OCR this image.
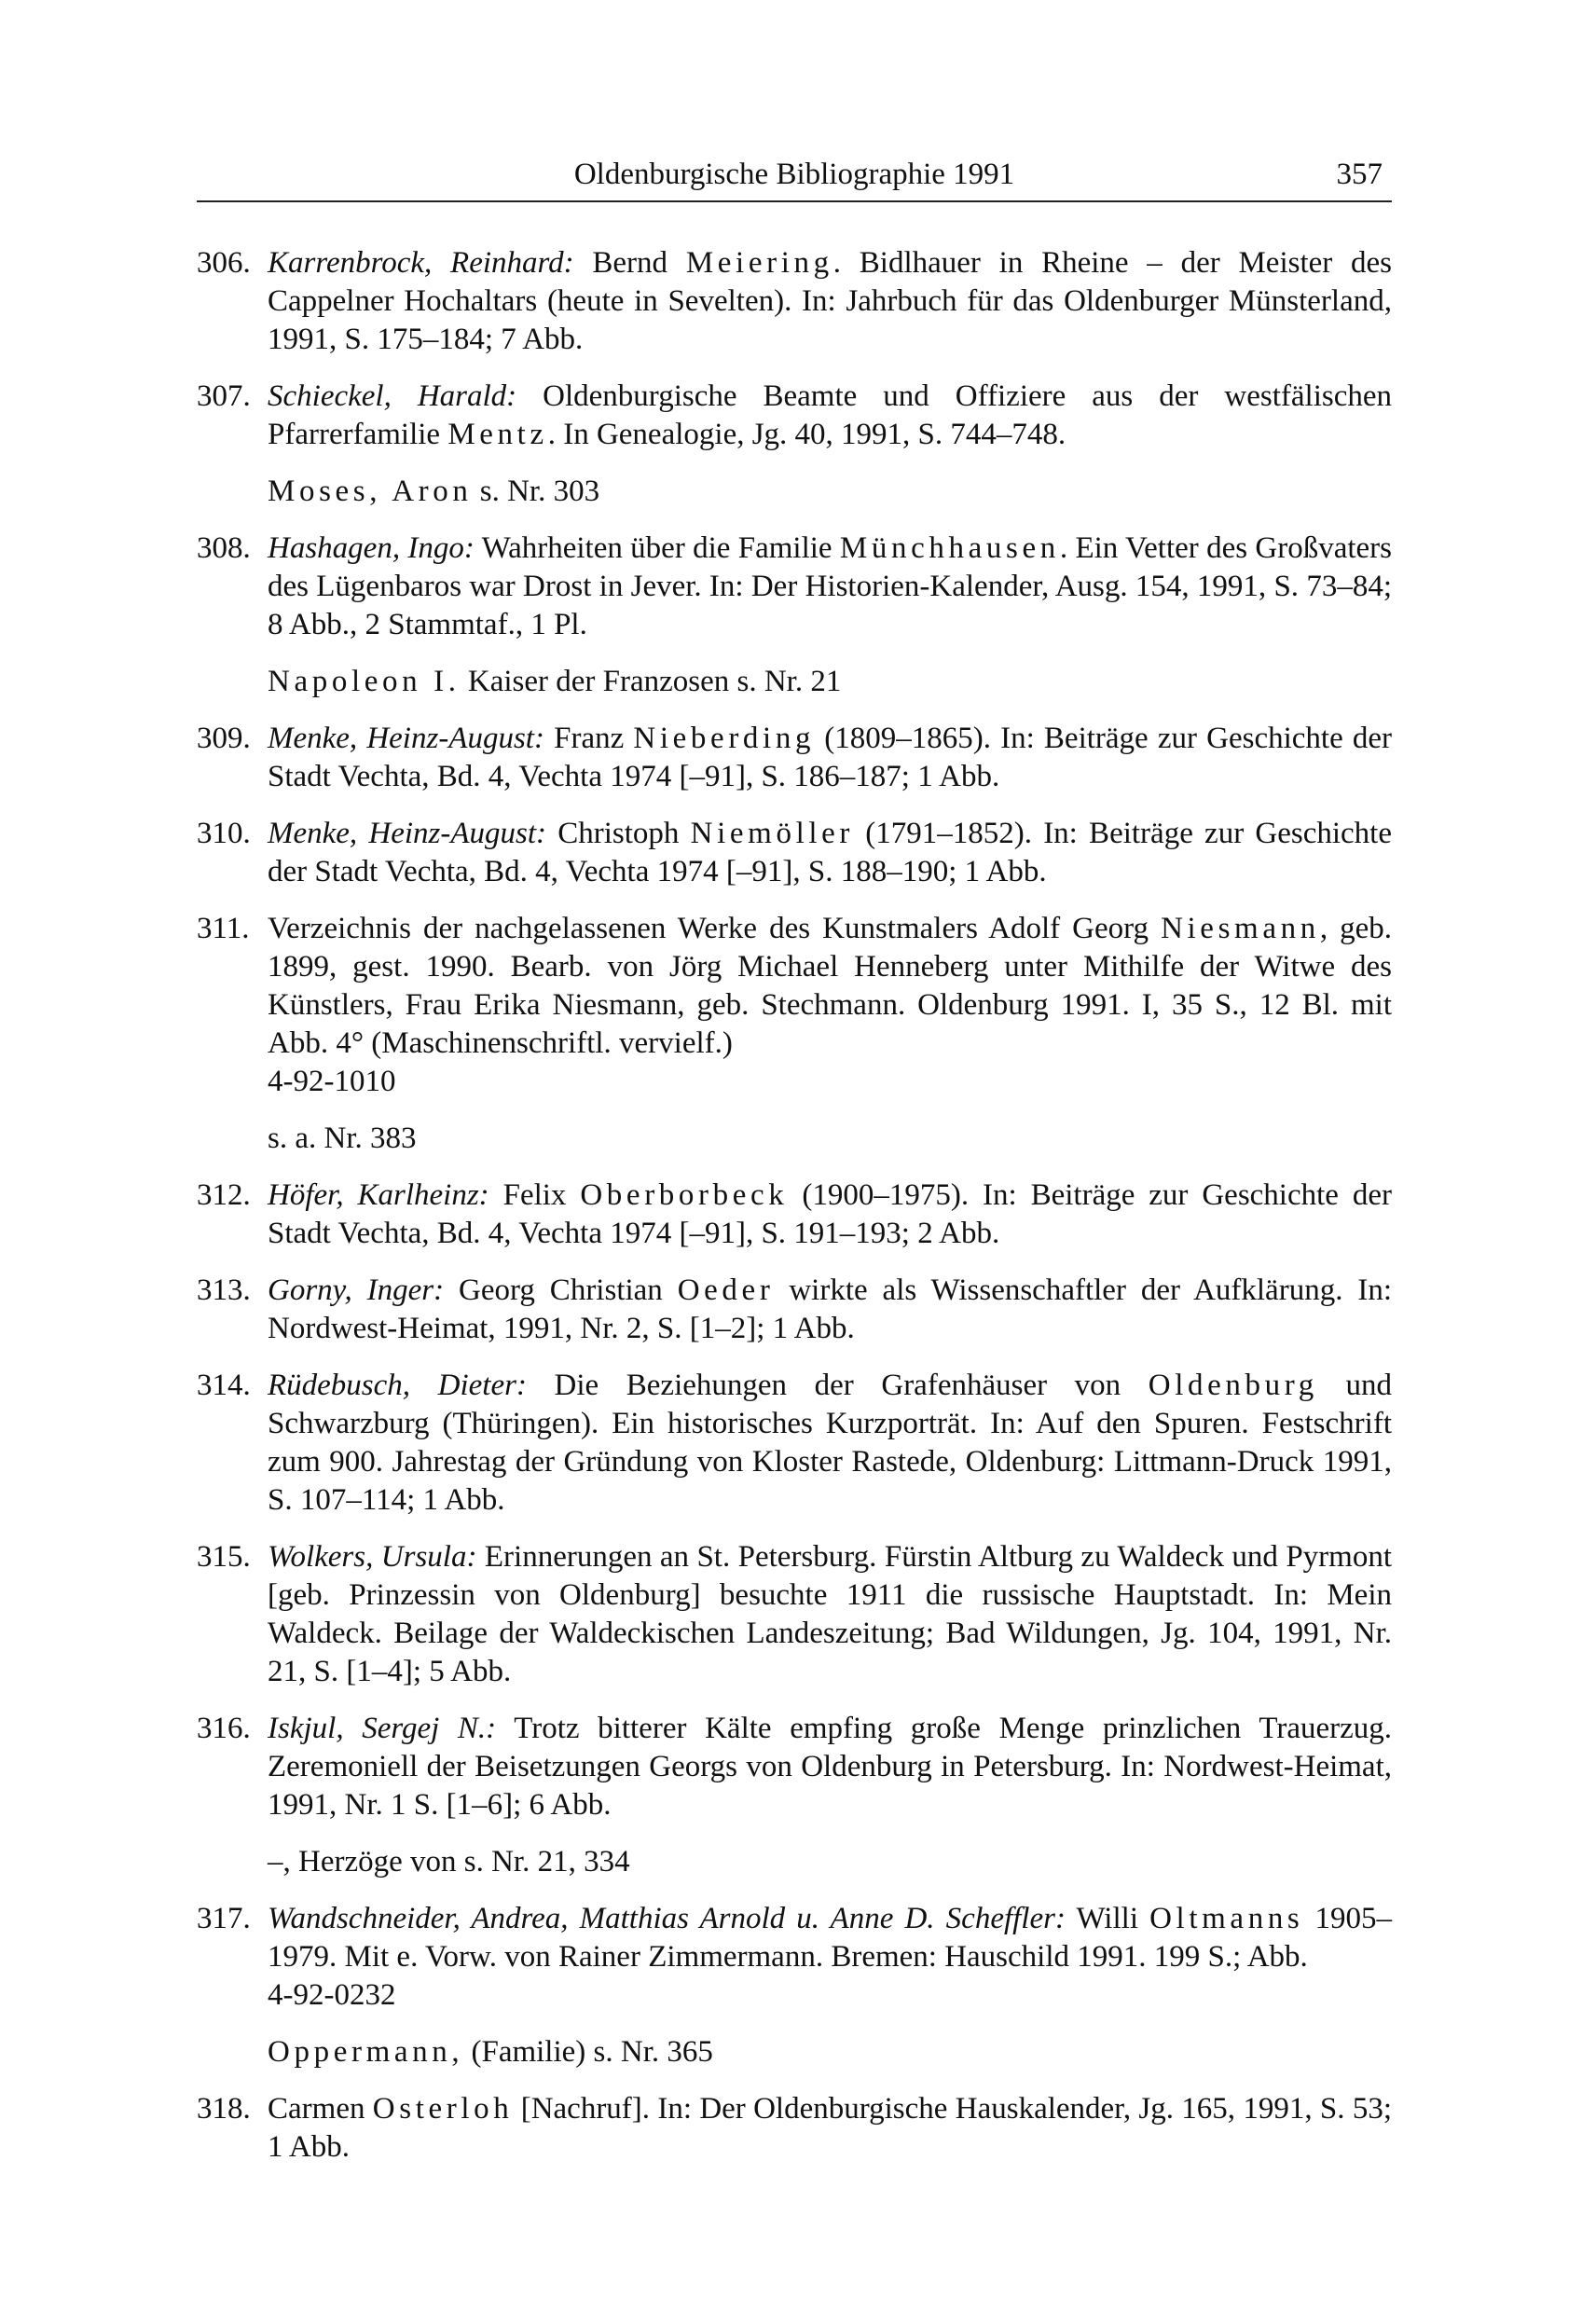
Oldenburgische Bibliographie 1991	357
306. Karrenbrock, Reinhard: Bernd Meiering. Bidlhauer in Rheine – der Meister des Cappelner Hochaltars (heute in Sevelten). In: Jahrbuch für das Oldenburger Münsterland, 1991, S. 175–184; 7 Abb.
307. Schieckel, Harald: Oldenburgische Beamte und Offiziere aus der westfälischen Pfarrerfamilie Mentz. In Genealogie, Jg. 40, 1991, S. 744–748.
Moses, Aron s. Nr. 303
308. Hashagen, Ingo: Wahrheiten über die Familie Münchhausen. Ein Vetter des Großvaters des Lügenbaros war Drost in Jever. In: Der Historien-Kalender, Ausg. 154, 1991, S. 73–84; 8 Abb., 2 Stammtaf., 1 Pl.
Napoleon I. Kaiser der Franzosen s. Nr. 21
309. Menke, Heinz-August: Franz Nieberding (1809–1865). In: Beiträge zur Geschichte der Stadt Vechta, Bd. 4, Vechta 1974 [–91], S. 186–187; 1 Abb.
310. Menke, Heinz-August: Christoph Niemöller (1791–1852). In: Beiträge zur Geschichte der Stadt Vechta, Bd. 4, Vechta 1974 [–91], S. 188–190; 1 Abb.
311. Verzeichnis der nachgelassenen Werke des Kunstmalers Adolf Georg Niesmann, geb. 1899, gest. 1990. Bearb. von Jörg Michael Henneberg unter Mithilfe der Witwe des Künstlers, Frau Erika Niesmann, geb. Stechmann. Oldenburg 1991. I, 35 S., 12 Bl. mit Abb. 4° (Maschinenschriftl. vervielf.)
4-92-1010
s. a. Nr. 383
312. Höfer, Karlheinz: Felix Oberborbeck (1900–1975). In: Beiträge zur Geschichte der Stadt Vechta, Bd. 4, Vechta 1974 [–91], S. 191–193; 2 Abb.
313. Gorny, Inger: Georg Christian Oeder wirkte als Wissenschaftler der Aufklärung. In: Nordwest-Heimat, 1991, Nr. 2, S. [1–2]; 1 Abb.
314. Rüdebusch, Dieter: Die Beziehungen der Grafenhäuser von Oldenburg und Schwarzburg (Thüringen). Ein historisches Kurzporträt. In: Auf den Spuren. Festschrift zum 900. Jahrestag der Gründung von Kloster Rastede, Oldenburg: Littmann-Druck 1991, S. 107–114; 1 Abb.
315. Wolkers, Ursula: Erinnerungen an St. Petersburg. Fürstin Altburg zu Waldeck und Pyrmont [geb. Prinzessin von Oldenburg] besuchte 1911 die russische Hauptstadt. In: Mein Waldeck. Beilage der Waldeckischen Landeszeitung; Bad Wildungen, Jg. 104, 1991, Nr. 21, S. [1–4]; 5 Abb.
316. Iskjul, Sergej N.: Trotz bitterer Kälte empfing große Menge prinzlichen Trauerzug. Zeremoniell der Beisetzungen Georgs von Oldenburg in Petersburg. In: Nordwest-Heimat, 1991, Nr. 1 S. [1–6]; 6 Abb.
–, Herzöge von s. Nr. 21, 334
317. Wandschneider, Andrea, Matthias Arnold u. Anne D. Scheffler: Willi Oltmanns 1905–1979. Mit e. Vorw. von Rainer Zimmermann. Bremen: Hauschild 1991. 199 S.; Abb.
4-92-0232
Oppermann, (Familie) s. Nr. 365
318. Carmen Osterloh [Nachruf]. In: Der Oldenburgische Hauskalender, Jg. 165, 1991, S. 53; 1 Abb.
